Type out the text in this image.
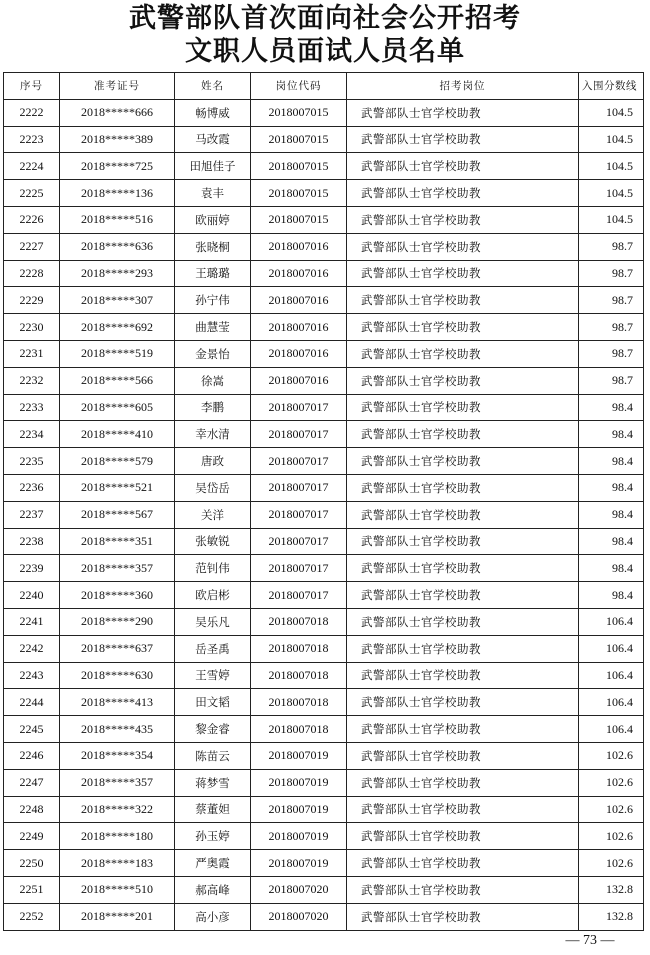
武警部队首次面向社会公开招考
文职人员面试人员名单
序号	准考证号	姓名	岗位代码	招考岗位	入围分数线
2222	2018*****666	畅博威	2018007015	武警部队士官学校助教	104.5
2223	2018*****389	马改霞	2018007015	武警部队士官学校助教	104.5
2224	2018*****725	田旭佳子	2018007015	武警部队士官学校助教	104.5
2225	2018*****136	袁丰	2018007015	武警部队士官学校助教	104.5
2226	2018*****516	欧丽婷	2018007015	武警部队士官学校助教	104.5
2227	2018*****636	张晓桐	2018007016	武警部队士官学校助教	98.7
2228	2018*****293	王璐璐	2018007016	武警部队士官学校助教	98.7
2229	2018*****307	孙宁伟	2018007016	武警部队士官学校助教	98.7
2230	2018*****692	曲慧莹	2018007016	武警部队士官学校助教	98.7
2231	2018*****519	金景怡	2018007016	武警部队士官学校助教	98.7
2232	2018*****566	徐嵩	2018007016	武警部队士官学校助教	98.7
2233	2018*****605	李鹏	2018007017	武警部队士官学校助教	98.4
2234	2018*****410	幸水清	2018007017	武警部队士官学校助教	98.4
2235	2018*****579	唐政	2018007017	武警部队士官学校助教	98.4
2236	2018*****521	吴岱岳	2018007017	武警部队士官学校助教	98.4
2237	2018*****567	关洋	2018007017	武警部队士官学校助教	98.4
2238	2018*****351	张敏锐	2018007017	武警部队士官学校助教	98.4
2239	2018*****357	范钊伟	2018007017	武警部队士官学校助教	98.4
2240	2018*****360	欧启彬	2018007017	武警部队士官学校助教	98.4
2241	2018*****290	吴乐凡	2018007018	武警部队士官学校助教	106.4
2242	2018*****637	岳圣禹	2018007018	武警部队士官学校助教	106.4
2243	2018*****630	王雪婷	2018007018	武警部队士官学校助教	106.4
2244	2018*****413	田文韬	2018007018	武警部队士官学校助教	106.4
2245	2018*****435	黎金睿	2018007018	武警部队士官学校助教	106.4
2246	2018*****354	陈苗云	2018007019	武警部队士官学校助教	102.6
2247	2018*****357	蒋梦雪	2018007019	武警部队士官学校助教	102.6
2248	2018*****322	蔡董妲	2018007019	武警部队士官学校助教	102.6
2249	2018*****180	孙玉婷	2018007019	武警部队士官学校助教	102.6
2250	2018*****183	严奥霞	2018007019	武警部队士官学校助教	102.6
2251	2018*****510	郝高峰	2018007020	武警部队士官学校助教	132.8
2252	2018*****201	高小彦	2018007020	武警部队士官学校助教	132.8
— 73 —
